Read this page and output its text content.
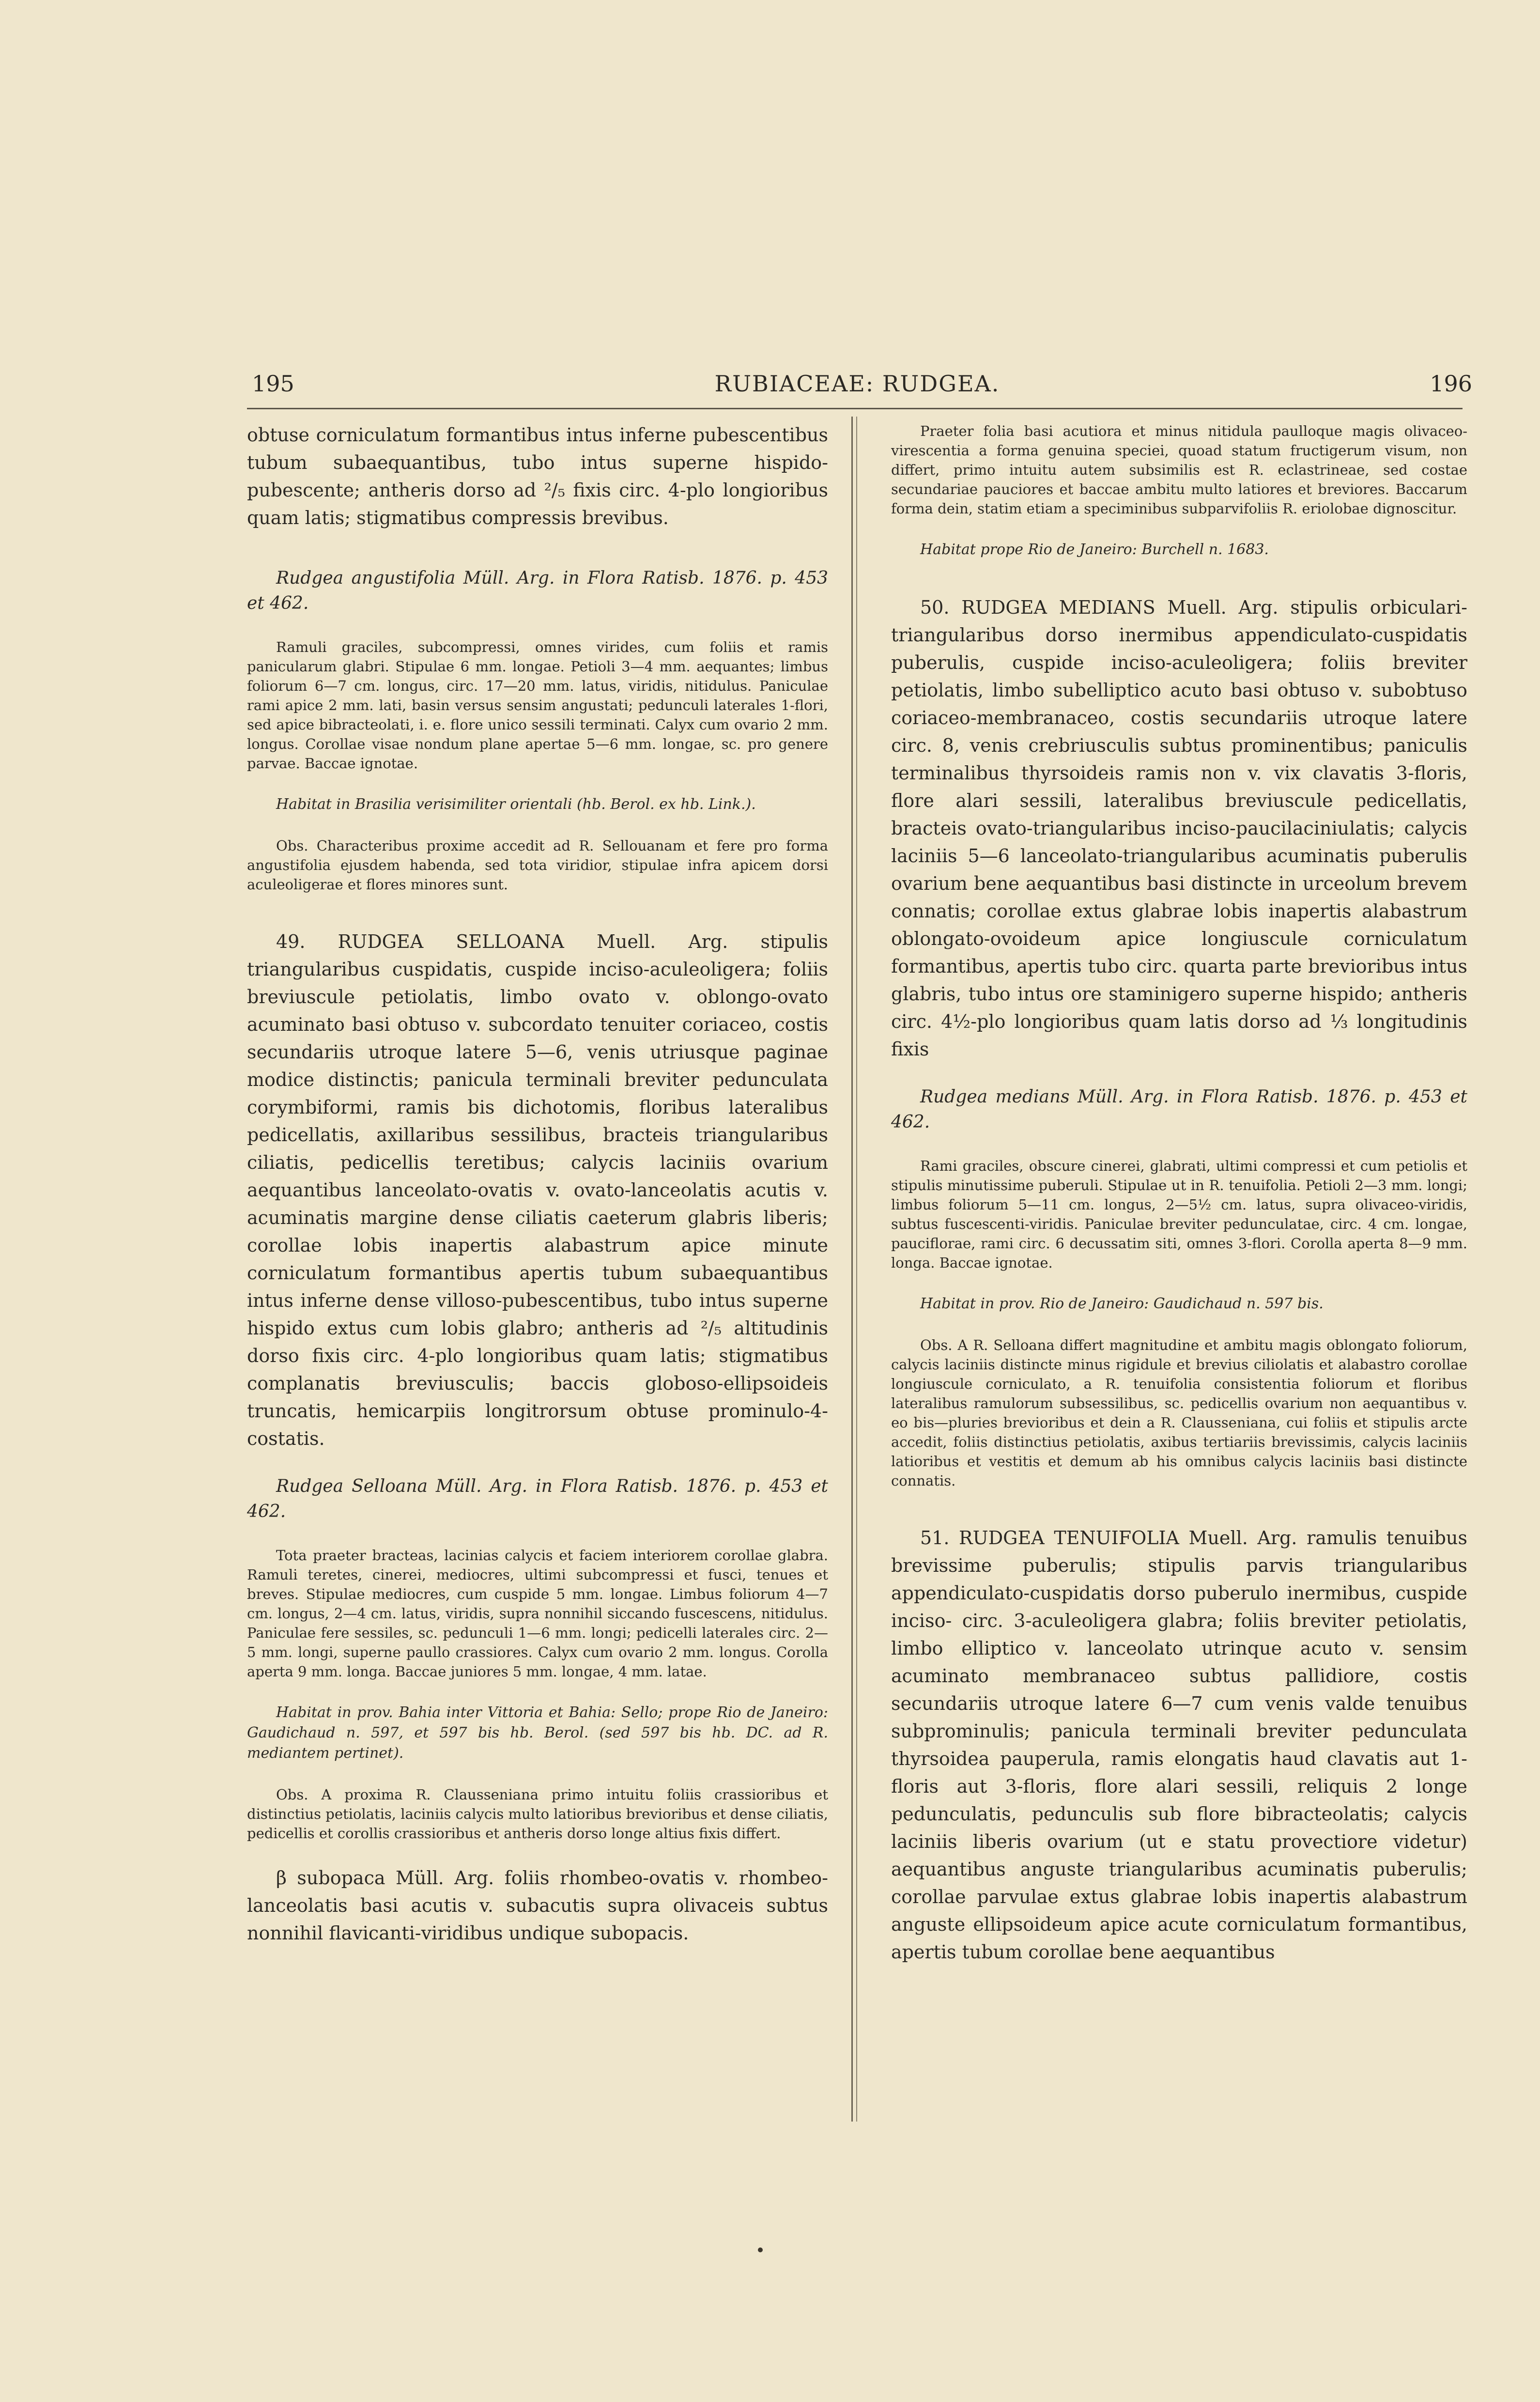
195	RUBIACEAE: RUDGEA.	196

obtuse corniculatum formantibus intus inferne pubescentibus tubum subaequantibus, tubo intus superne hispido-pubescente; antheris dorso ad ²/₅ fixis circ. 4-plo longioribus quam latis; stigmatibus compressis brevibus.

Rudgea angustifolia Müll. Arg. in Flora Ratisb. 1876. p. 453 et 462.

Ramuli graciles, subcompressi, omnes virides, cum foliis et ramis panicularum glabri. Stipulae 6 mm. longae. Petioli 3—4 mm. aequantes; limbus foliorum 6—7 cm. longus, circ. 17—20 mm. latus, viridis, nitidulus. Paniculae rami apice 2 mm. lati, basin versus sensim angustati; pedunculi laterales 1-flori, sed apice bibracteolati, i. e. flore unico sessili terminati. Calyx cum ovario 2 mm. longus. Corollae visae nondum plane apertae 5—6 mm. longae, sc. pro genere parvae. Baccae ignotae.

Habitat in Brasilia verisimiliter orientali (hb. Berol. ex hb. Link.).

Obs. Characteribus proxime accedit ad R. Sellouanam et fere pro forma angustifolia ejusdem habenda, sed tota viridior, stipulae infra apicem dorsi aculeoligerae et flores minores sunt.

49. RUDGEA SELLOANA Muell. Arg. stipulis triangularibus cuspidatis, cuspide inciso-aculeoligera; foliis breviuscule petiolatis, limbo ovato v. oblongo-ovato acuminato basi obtuso v. subcordato tenuiter coriaceo, costis secundariis utroque latere 5—6, venis utriusque paginae modice distinctis; panicula terminali breviter pedunculata corymbiformi, ramis bis dichotomis, floribus lateralibus pedicellatis, axillaribus sessilibus, bracteis triangularibus ciliatis, pedicellis teretibus; calycis laciniis ovarium aequantibus lanceolato-ovatis v. ovato-lanceolatis acutis v. acuminatis margine dense ciliatis caeterum glabris liberis; corollae lobis inapertis alabastrum apice minute corniculatum formantibus apertis tubum subaequantibus intus inferne dense villoso-pubescentibus, tubo intus superne hispido extus cum lobis glabro; antheris ad ²/₅ altitudinis dorso fixis circ. 4-plo longioribus quam latis; stigmatibus complanatis breviusculis; baccis globoso-ellipsoideis truncatis, hemicarpiis longitrorsum obtuse prominulo-4-costatis.

Rudgea Selloana Müll. Arg. in Flora Ratisb. 1876. p. 453 et 462.

Tota praeter bracteas, lacinias calycis et faciem interiorem corollae glabra. Ramuli teretes, cinerei, mediocres, ultimi subcompressi et fusci, tenues et breves. Stipulae mediocres, cum cuspide 5 mm. longae. Limbus foliorum 4—7 cm. longus, 2—4 cm. latus, viridis, supra nonnihil siccando fuscescens, nitidulus. Paniculae fere sessiles, sc. pedunculi 1—6 mm. longi; pedicelli laterales circ. 2—5 mm. longi, superne paullo crassiores. Calyx cum ovario 2 mm. longus. Corolla aperta 9 mm. longa. Baccae juniores 5 mm. longae, 4 mm. latae.

Habitat in prov. Bahia inter Vittoria et Bahia: Sello; prope Rio de Janeiro: Gaudichaud n. 597, et 597 bis hb. Berol. (sed 597 bis hb. DC. ad R. mediantem pertinet).

Obs. A proxima R. Clausseniana primo intuitu foliis crassioribus et distinctius petiolatis, laciniis calycis multo latioribus brevioribus et dense ciliatis, pedicellis et corollis crassioribus et antheris dorso longe altius fixis differt.

β subopaca Müll. Arg. foliis rhombeo-ovatis v. rhombeo-lanceolatis basi acutis v. subacutis supra olivaceis subtus nonnihil flavicanti-viridibus undique subopacis.

Praeter folia basi acutiora et minus nitidula paulloque magis olivaceo-virescentia a forma genuina speciei, quoad statum fructigerum visum, non differt, primo intuitu autem subsimilis est R. eclastrineae, sed costae secundariae pauciores et baccae ambitu multo latiores et breviores. Baccarum forma dein, statim etiam a speciminibus subparvifoliis R. eriolobae dignoscitur.

Habitat prope Rio de Janeiro: Burchell n. 1683.

50. RUDGEA MEDIANS Muell. Arg. stipulis orbiculari-triangularibus dorso inermibus appendiculato-cuspidatis puberulis, cuspide inciso-aculeoligera; foliis breviter petiolatis, limbo subelliptico acuto basi obtuso v. subobtuso coriaceo-membranaceo, costis secundariis utroque latere circ. 8, venis crebriusculis subtus prominentibus; paniculis terminalibus thyrsoideis ramis non v. vix clavatis 3-floris, flore alari sessili, lateralibus breviuscule pedicellatis, bracteis ovato-triangularibus inciso-paucilaciniulatis; calycis laciniis 5—6 lanceolato-triangularibus acuminatis puberulis ovarium bene aequantibus basi distincte in urceolum brevem connatis; corollae extus glabrae lobis inapertis alabastrum oblongato-ovoideum apice longiuscule corniculatum formantibus, apertis tubo circ. quarta parte brevioribus intus glabris, tubo intus ore staminigero superne hispido; antheris circ. 4½-plo longioribus quam latis dorso ad ⅓ longitudinis fixis

Rudgea medians Müll. Arg. in Flora Ratisb. 1876. p. 453 et 462.

Rami graciles, obscure cinerei, glabrati, ultimi compressi et cum petiolis et stipulis minutissime puberuli. Stipulae ut in R. tenuifolia. Petioli 2—3 mm. longi; limbus foliorum 5—11 cm. longus, 2—5½ cm. latus, supra olivaceo-viridis, subtus fuscescenti-viridis. Paniculae breviter pedunculatae, circ. 4 cm. longae, pauciflorae, rami circ. 6 decussatim siti, omnes 3-flori. Corolla aperta 8—9 mm. longa. Baccae ignotae.

Habitat in prov. Rio de Janeiro: Gaudichaud n. 597 bis.

Obs. A R. Selloana differt magnitudine et ambitu magis oblongato foliorum, calycis laciniis distincte minus rigidule et brevius ciliolatis et alabastro corollae longiuscule corniculato, a R. tenuifolia consistentia foliorum et floribus lateralibus ramulorum subsessilibus, sc. pedicellis ovarium non aequantibus v. eo bis—pluries brevioribus et dein a R. Claussenianа, cui foliis et stipulis arcte accedit, foliis distinctius petiolatis, axibus tertiariis brevissimis, calycis laciniis latioribus et vestitis et demum ab his omnibus calycis laciniis basi distincte connatis.

51. RUDGEA TENUIFOLIA Muell. Arg. ramulis tenuibus brevissime puberulis; stipulis parvis triangularibus appendiculato-cuspidatis dorso puberulo inermibus, cuspide inciso- circ. 3-aculeoligera glabra; foliis breviter petiolatis, limbo elliptico v. lanceolato utrinque acuto v. sensim acuminato membranaceo subtus pallidiore, costis secundariis utroque latere 6—7 cum venis valde tenuibus subprominulis; panicula terminali breviter pedunculata thyrsoidea pauperula, ramis elongatis haud clavatis aut 1-floris aut 3-floris, flore alari sessili, reliquis 2 longe pedunculatis, pedunculis sub flore bibracteolatis; calycis laciniis liberis ovarium (ut e statu provectiore videtur) aequantibus anguste triangularibus acuminatis puberulis; corollae parvulae extus glabrae lobis inapertis alabastrum anguste ellipsoideum apice acute corniculatum formantibus, apertis tubum corollae bene aequantibus
